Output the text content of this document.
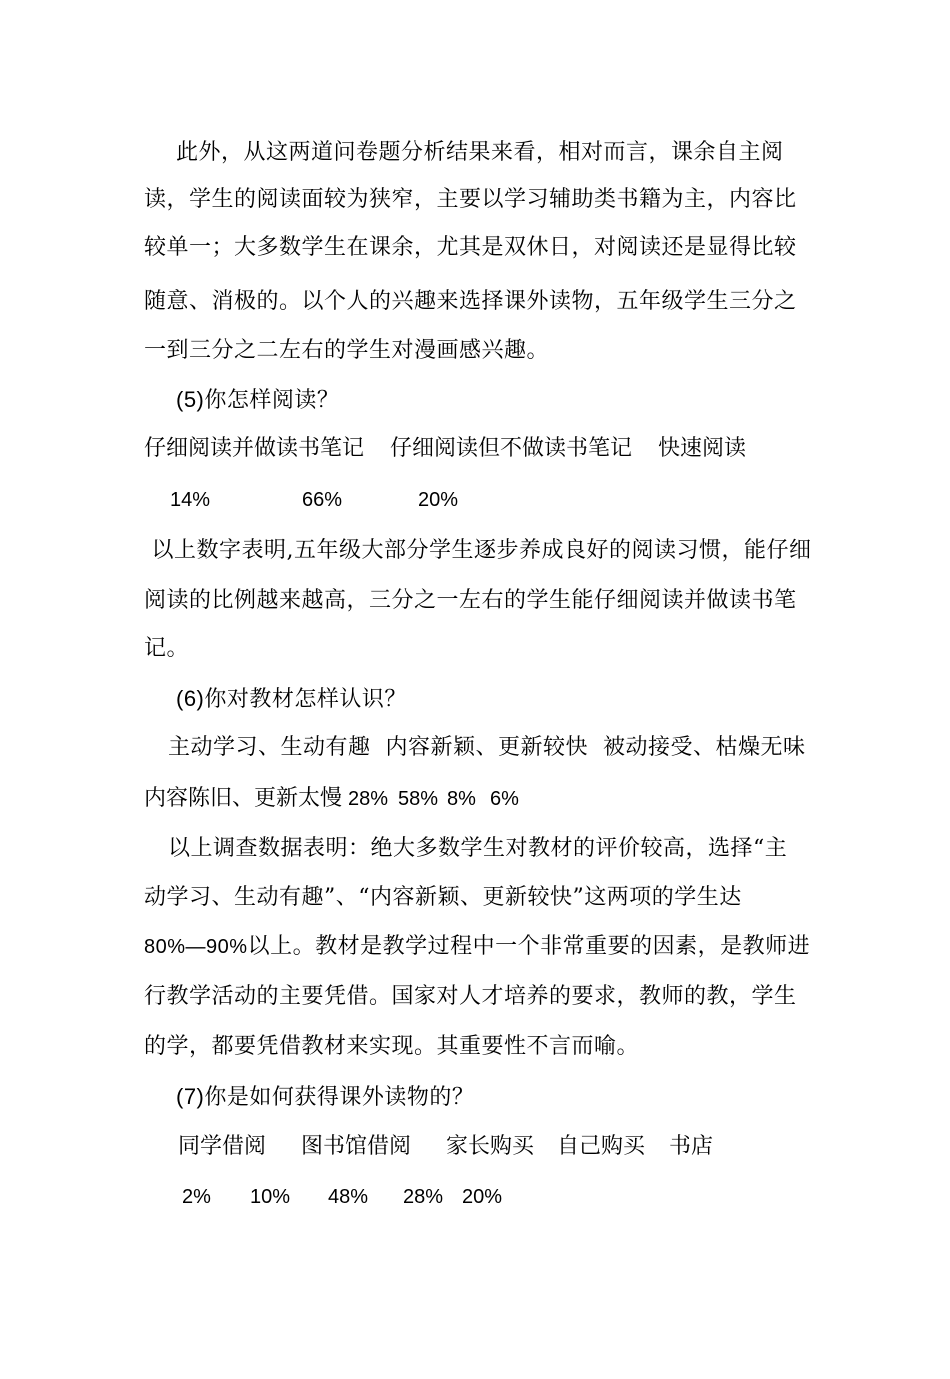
此外，从这两道问卷题分析结果来看，相对而言，课余自主阅
读，学生的阅读面较为狭窄，主要以学习辅助类书籍为主，内容比
较单一；大多数学生在课余，尤其是双休日，对阅读还是显得比较
随意、消极的。以个人的兴趣来选择课外读物，五年级学生三分之
一到三分之二左右的学生对漫画感兴趣。
(5)你怎样阅读？

仔细阅读并做读书笔记

仔细阅读但不做读书笔记

快速阅读

14%

	66%

	20%

以上数字表明,五年级大部分学生逐步养成良好的阅读习惯，能仔细
阅读的比例越来越高，三分之一左右的学生能仔细阅读并做读书笔
记。
(6)你对教材怎样认识？
主动学习、生动有趣  内容新颖、更新较快  被动接受、枯燥无味

内容陈旧、更新太慢

28%

58%

8%

6%

以上调查数据表明：绝大多数学生对教材的评价较高，选择“主
动学习、生动有趣”、“内容新颖、更新较快”这两项的学生达
80%—90%以上。教材是教学过程中一个非常重要的因素，是教师进
行教学活动的主要凭借。国家对人才培养的要求，教师的教，学生
的学，都要凭借教材来实现。其重要性不言而喻。
(7)你是如何获得课外读物的？

同学借阅

图书馆借阅

家长购买

自己购买

书店

2%

10%

48%

28%

20%
